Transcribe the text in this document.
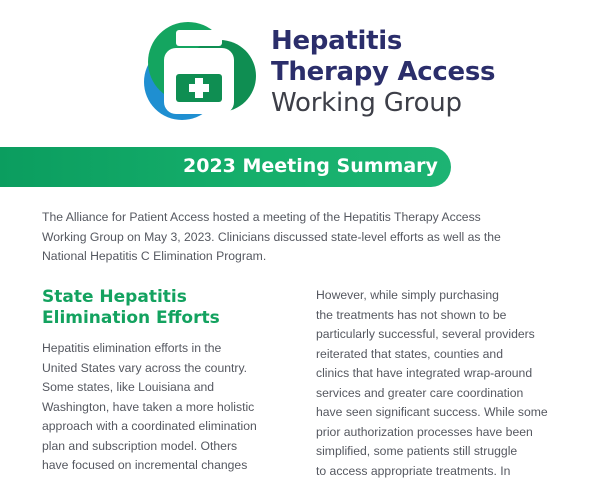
Hepatitis
Therapy Access
Working Group
2023 Meeting Summary

The Alliance for Patient Access hosted a meeting of the Hepatitis Therapy Access
Working Group on May 3, 2023. Clinicians discussed state-level efforts as well as the
National Hepatitis C Elimination Program.

State Hepatitis
Elimination Efforts

Hepatitis elimination efforts in the
United States vary across the country.
Some states, like Louisiana and
Washington, have taken a more holistic
approach with a coordinated elimination
plan and subscription model. Others
have focused on incremental changes

However, while simply purchasing
the treatments has not shown to be
particularly successful, several providers
reiterated that states, counties and
clinics that have integrated wrap-around
services and greater care coordination
have seen significant success. While some
prior authorization processes have been
simplified, some patients still struggle
to access appropriate treatments. In
